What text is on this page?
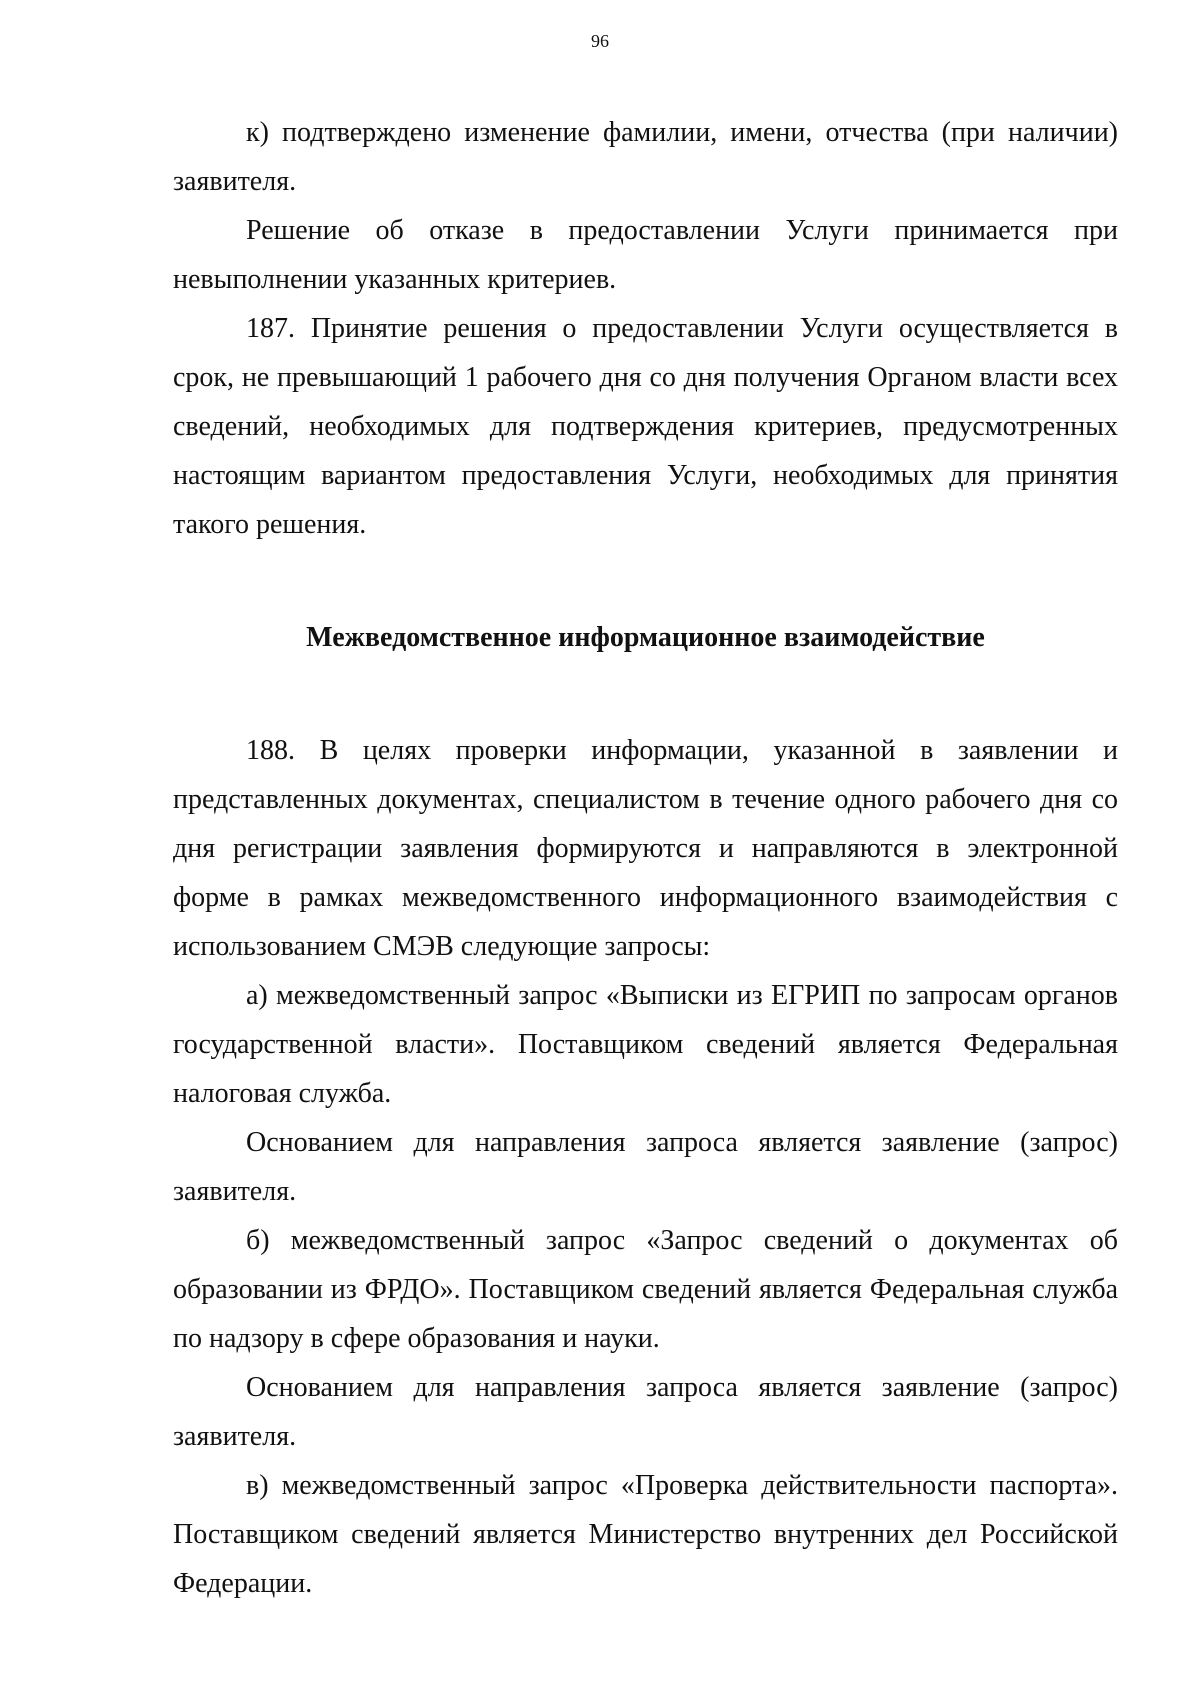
96

к) подтверждено изменение фамилии, имени, отчества (при наличии) заявителя.

Решение об отказе в предоставлении Услуги принимается при невыполнении указанных критериев.

187. Принятие решения о предоставлении Услуги осуществляется в срок, не превышающий 1 рабочего дня со дня получения Органом власти всех сведений, необходимых для подтверждения критериев, предусмотренных настоящим вариантом предоставления Услуги, необходимых для принятия такого решения.

Межведомственное информационное взаимодействие

188. В целях проверки информации, указанной в заявлении и представленных документах, специалистом в течение одного рабочего дня со дня регистрации заявления формируются и направляются в электронной форме в рамках межведомственного информационного взаимодействия с использованием СМЭВ следующие запросы:

а) межведомственный запрос «Выписки из ЕГРИП по запросам органов государственной власти». Поставщиком сведений является Федеральная налоговая служба.

Основанием для направления запроса является заявление (запрос) заявителя.

б) межведомственный запрос «Запрос сведений о документах об образовании из ФРДО». Поставщиком сведений является Федеральная служба по надзору в сфере образования и науки.

Основанием для направления запроса является заявление (запрос) заявителя.

в) межведомственный запрос «Проверка действительности паспорта». Поставщиком сведений является Министерство внутренних дел Российской Федерации.
